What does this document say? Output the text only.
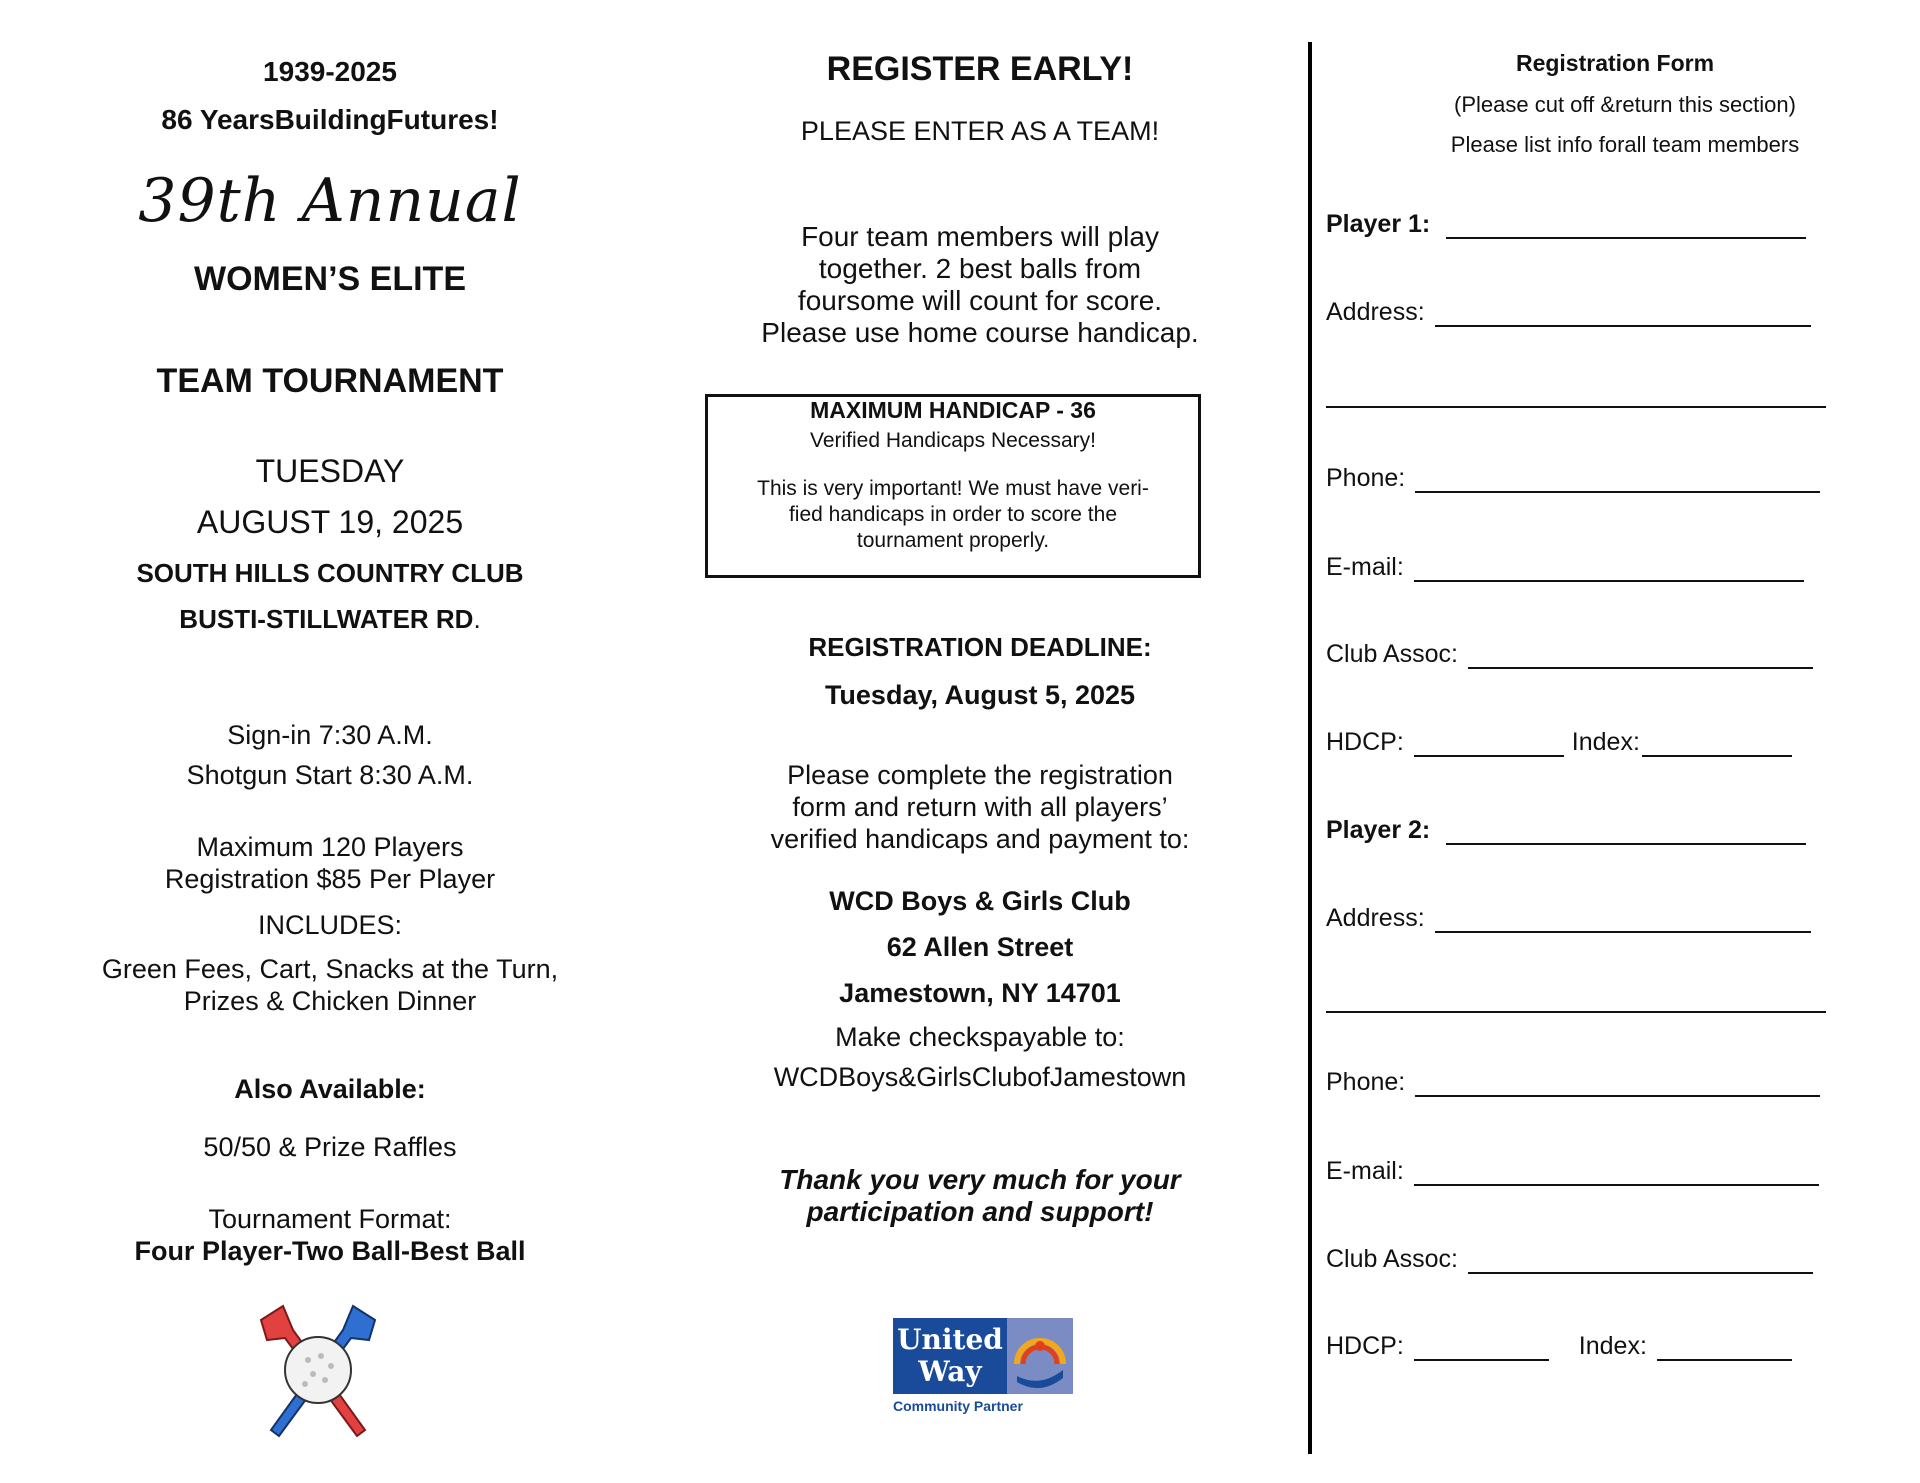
1939-2025

86 YearsBuildingFutures!

39th Annual

WOMEN’S ELITE

TEAM TOURNAMENT

TUESDAY

AUGUST 19, 2025

SOUTH HILLS COUNTRY CLUB

BUSTI-STILLWATER RD.

Sign-in 7:30 A.M.

Shotgun Start 8:30 A.M.

Maximum 120 Players

Registration $85 Per Player

INCLUDES:

Green Fees, Cart, Snacks at the Turn,

Prizes & Chicken Dinner

Also Available:

50/50 & Prize Raffles

Tournament Format:

Four Player-Two Ball-Best Ball

REGISTER EARLY!

PLEASE ENTER AS A TEAM!

Four team members will play

together. 2 best balls from

foursome will count for score.

Please use home course handicap.

REGISTRATION DEADLINE:

Tuesday, August 5, 2025

Please complete the registration

form and return with all players’

verified handicaps and payment to:

WCD Boys & Girls Club

62 Allen Street

Jamestown, NY 14701

Make checkspayable to:

WCDBoys&GirlsClubofJamestown

Thank you very much for your

participation and support!

MAXIMUM HANDICAP - 36

Verified Handicaps Necessary!

This is very important! We must have veri-

fied handicaps in order to score the

tournament properly.

United
Way
Community Partner

Registration Form

(Please cut off &return this section)

Please list info forall team members

Player 1:
Address:
Phone:
E-mail:
Club Assoc:
HDCP:	Index:
Player 2:
Address:
Phone:
E-mail:
Club Assoc:
HDCP:	Index:
